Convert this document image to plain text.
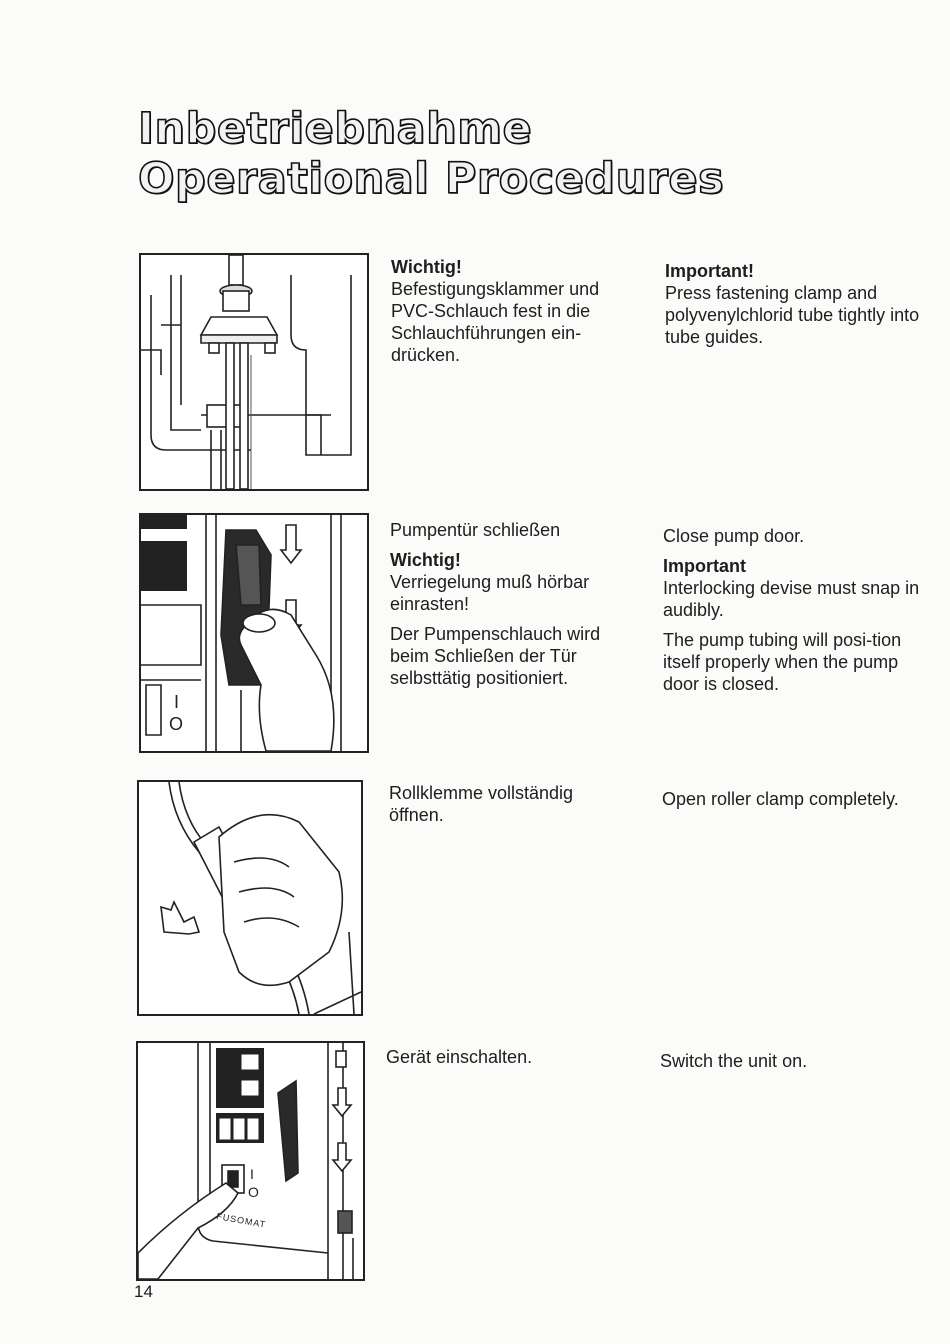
Inbetriebnahme
Operational Procedures

Wichtig!

Befestigungsklammer und PVC-Schlauch fest in die Schlauchführungen ein-drücken.

Important!

Press fastening clamp and polyvenylchlorid tube tightly into tube guides.

I
O

Pumpentür schließen

Wichtig!

Verriegelung muß hörbar einrasten!

Der Pumpenschlauch wird beim Schließen der Tür selbsttätig positioniert.

Close pump door.

Important

Interlocking devise must snap in audibly.

The pump tubing will posi-tion itself properly when the pump door is closed.

Rollklemme vollständig öffnen.

Open roller clamp completely.

I
O
FUSOMAT

Gerät einschalten.	Switch the unit on.

14
